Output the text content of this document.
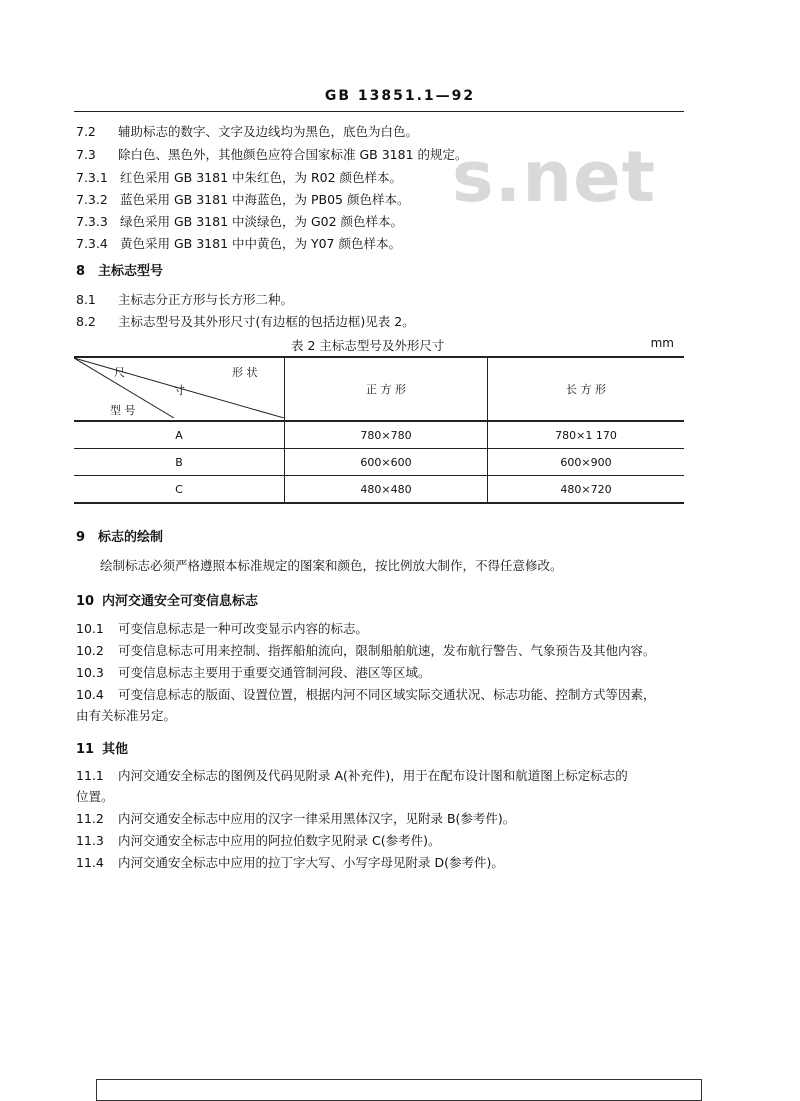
GB 13851.1—92
s.net
7.2 辅助标志的数字、文字及边线均为黑色，底色为白色。
7.3 除白色、黑色外，其他颜色应符合国家标准 GB 3181 的规定。
7.3.1 红色采用 GB 3181 中朱红色，为 R02 颜色样本。
7.3.2 蓝色采用 GB 3181 中海蓝色，为 PB05 颜色样本。
7.3.3 绿色采用 GB 3181 中淡绿色，为 G02 颜色样本。
7.3.4 黄色采用 GB 3181 中中黄色，为 Y07 颜色样本。
8 主标志型号
8.1 主标志分正方形与长方形二种。
8.2 主标志型号及其外形尺寸(有边框的包括边框)见表 2。
表 2 主标志型号及外形尺寸	mm
尺 形 状
寸
型 号	正 方 形	长 方 形
A	780×780	780×1 170
B	600×600	600×900
C	480×480	480×720
9 标志的绘制
绘制标志必须严格遵照本标准规定的图案和颜色，按比例放大制作，不得任意修改。
10 内河交通安全可变信息标志
10.1 可变信息标志是一种可改变显示内容的标志。
10.2 可变信息标志可用来控制、指挥船舶流向，限制船舶航速，发布航行警告、气象预告及其他内容。
10.3 可变信息标志主要用于重要交通管制河段、港区等区域。
10.4 可变信息标志的版面、设置位置，根据内河不同区域实际交通状况、标志功能、控制方式等因素，
由有关标准另定。
11 其他
11.1 内河交通安全标志的图例及代码见附录 A(补充件)，用于在配布设计图和航道图上标定标志的
位置。
11.2 内河交通安全标志中应用的汉字一律采用黑体汉字，见附录 B(参考件)。
11.3 内河交通安全标志中应用的阿拉伯数字见附录 C(参考件)。
11.4 内河交通安全标志中应用的拉丁字大写、小写字母见附录 D(参考件)。
